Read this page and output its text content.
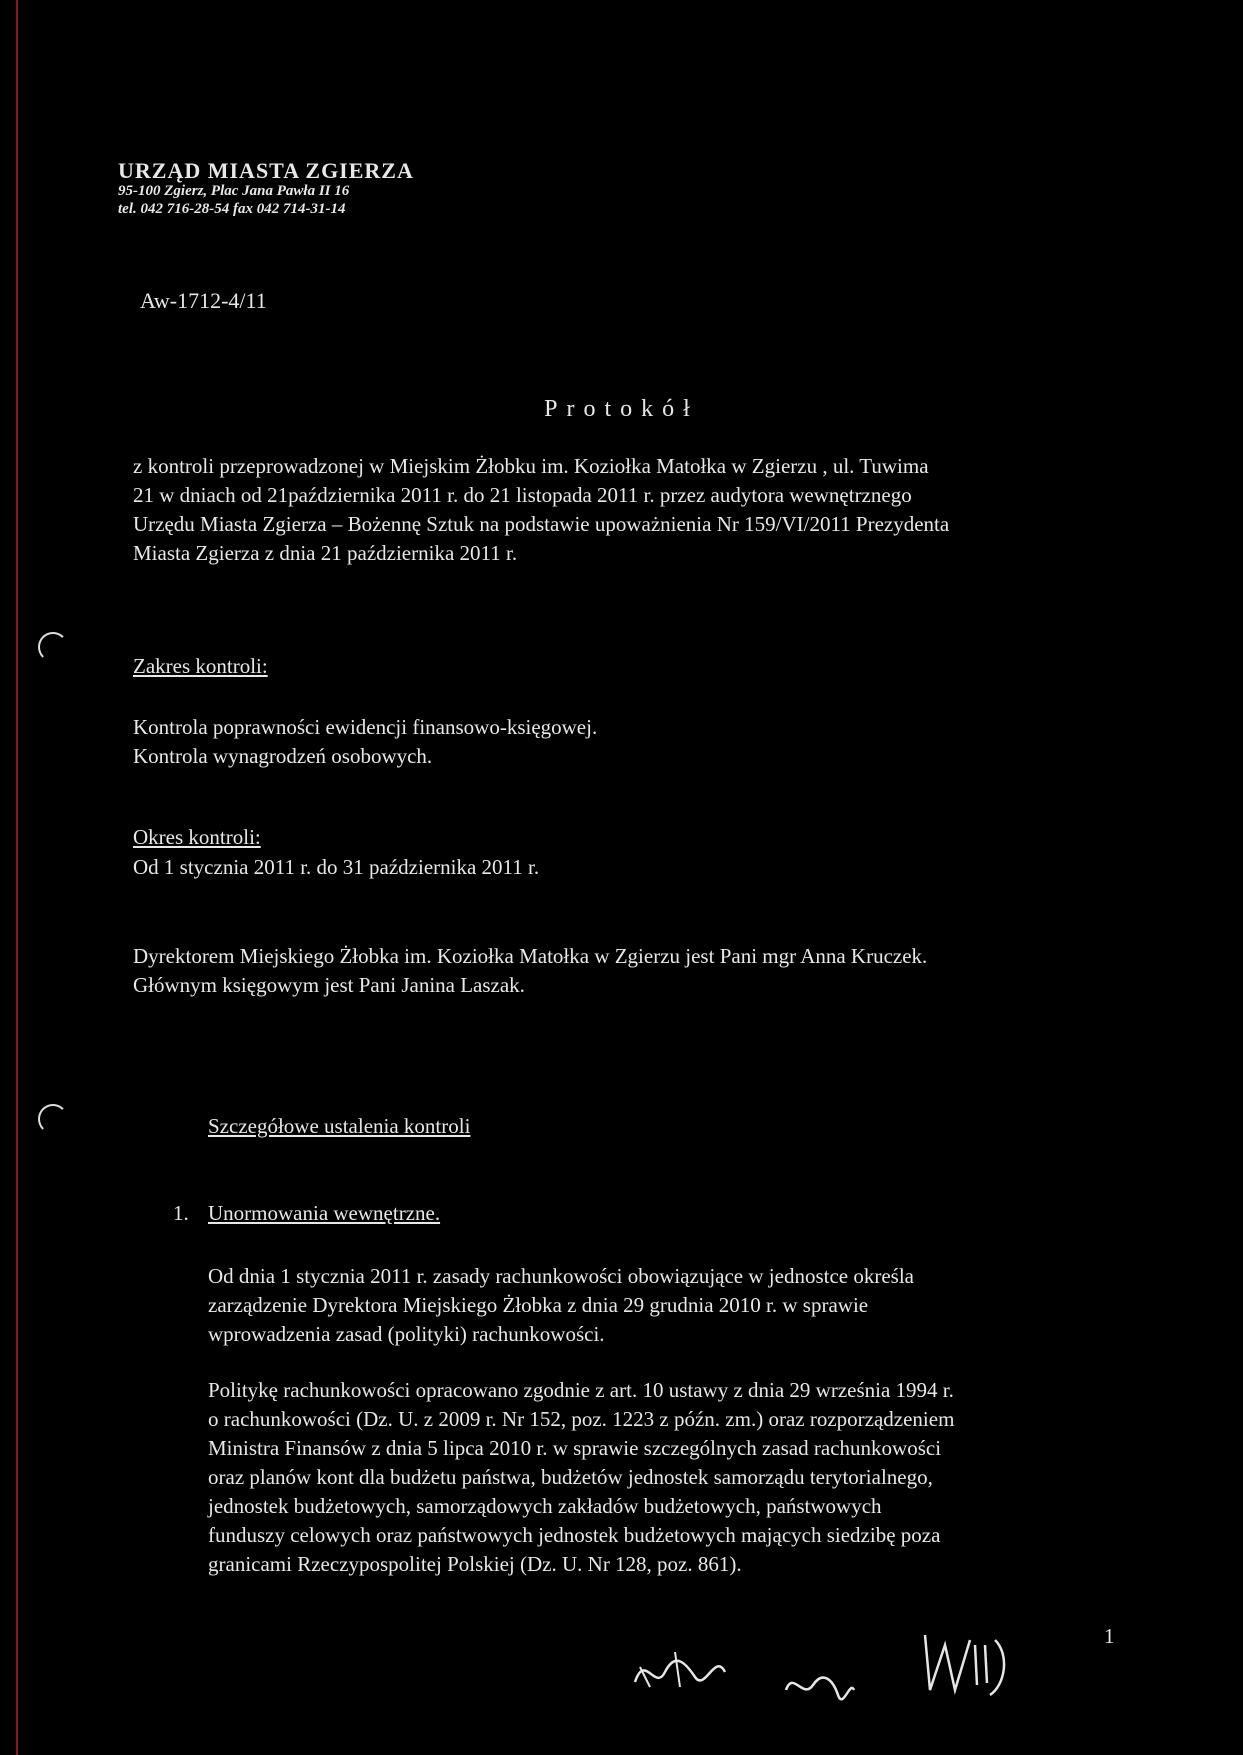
URZĄD MIASTA ZGIERZA
95-100 Zgierz, Plac Jana Pawła II 16
tel. 042 716-28-54 fax 042 714-31-14
Aw-1712-4/11
Protokół
z kontroli przeprowadzonej w Miejskim Żłobku im. Koziołka Matołka w Zgierzu , ul. Tuwima
21 w dniach od 21października 2011 r. do 21 listopada 2011 r. przez audytora wewnętrznego
Urzędu Miasta Zgierza – Bożennę Sztuk na podstawie upoważnienia Nr 159/VI/2011 Prezydenta
Miasta Zgierza z dnia 21 października 2011 r.
Zakres kontroli:
Kontrola poprawności ewidencji finansowo-księgowej.
Kontrola wynagrodzeń osobowych.
Okres kontroli:
Od 1 stycznia 2011 r. do 31 października 2011 r.
Dyrektorem Miejskiego Żłobka im. Koziołka Matołka w Zgierzu jest Pani mgr Anna Kruczek.
Głównym księgowym jest Pani Janina Laszak.
Szczegółowe ustalenia kontroli
1. Unormowania wewnętrzne.
Od dnia 1 stycznia 2011 r. zasady rachunkowości obowiązujące w jednostce określa
zarządzenie Dyrektora Miejskiego Żłobka z dnia 29 grudnia 2010 r. w sprawie
wprowadzenia zasad (polityki) rachunkowości.
Politykę rachunkowości opracowano zgodnie z art. 10 ustawy z dnia 29 września 1994 r.
o rachunkowości (Dz. U. z 2009 r. Nr 152, poz. 1223 z późn. zm.) oraz rozporządzeniem
Ministra Finansów z dnia 5 lipca 2010 r. w sprawie szczególnych zasad rachunkowości
oraz planów kont dla budżetu państwa, budżetów jednostek samorządu terytorialnego,
jednostek budżetowych, samorządowych zakładów budżetowych, państwowych
funduszy celowych oraz państwowych jednostek budżetowych mających siedzibę poza
granicami Rzeczypospolitej Polskiej (Dz. U. Nr 128, poz. 861).
1
